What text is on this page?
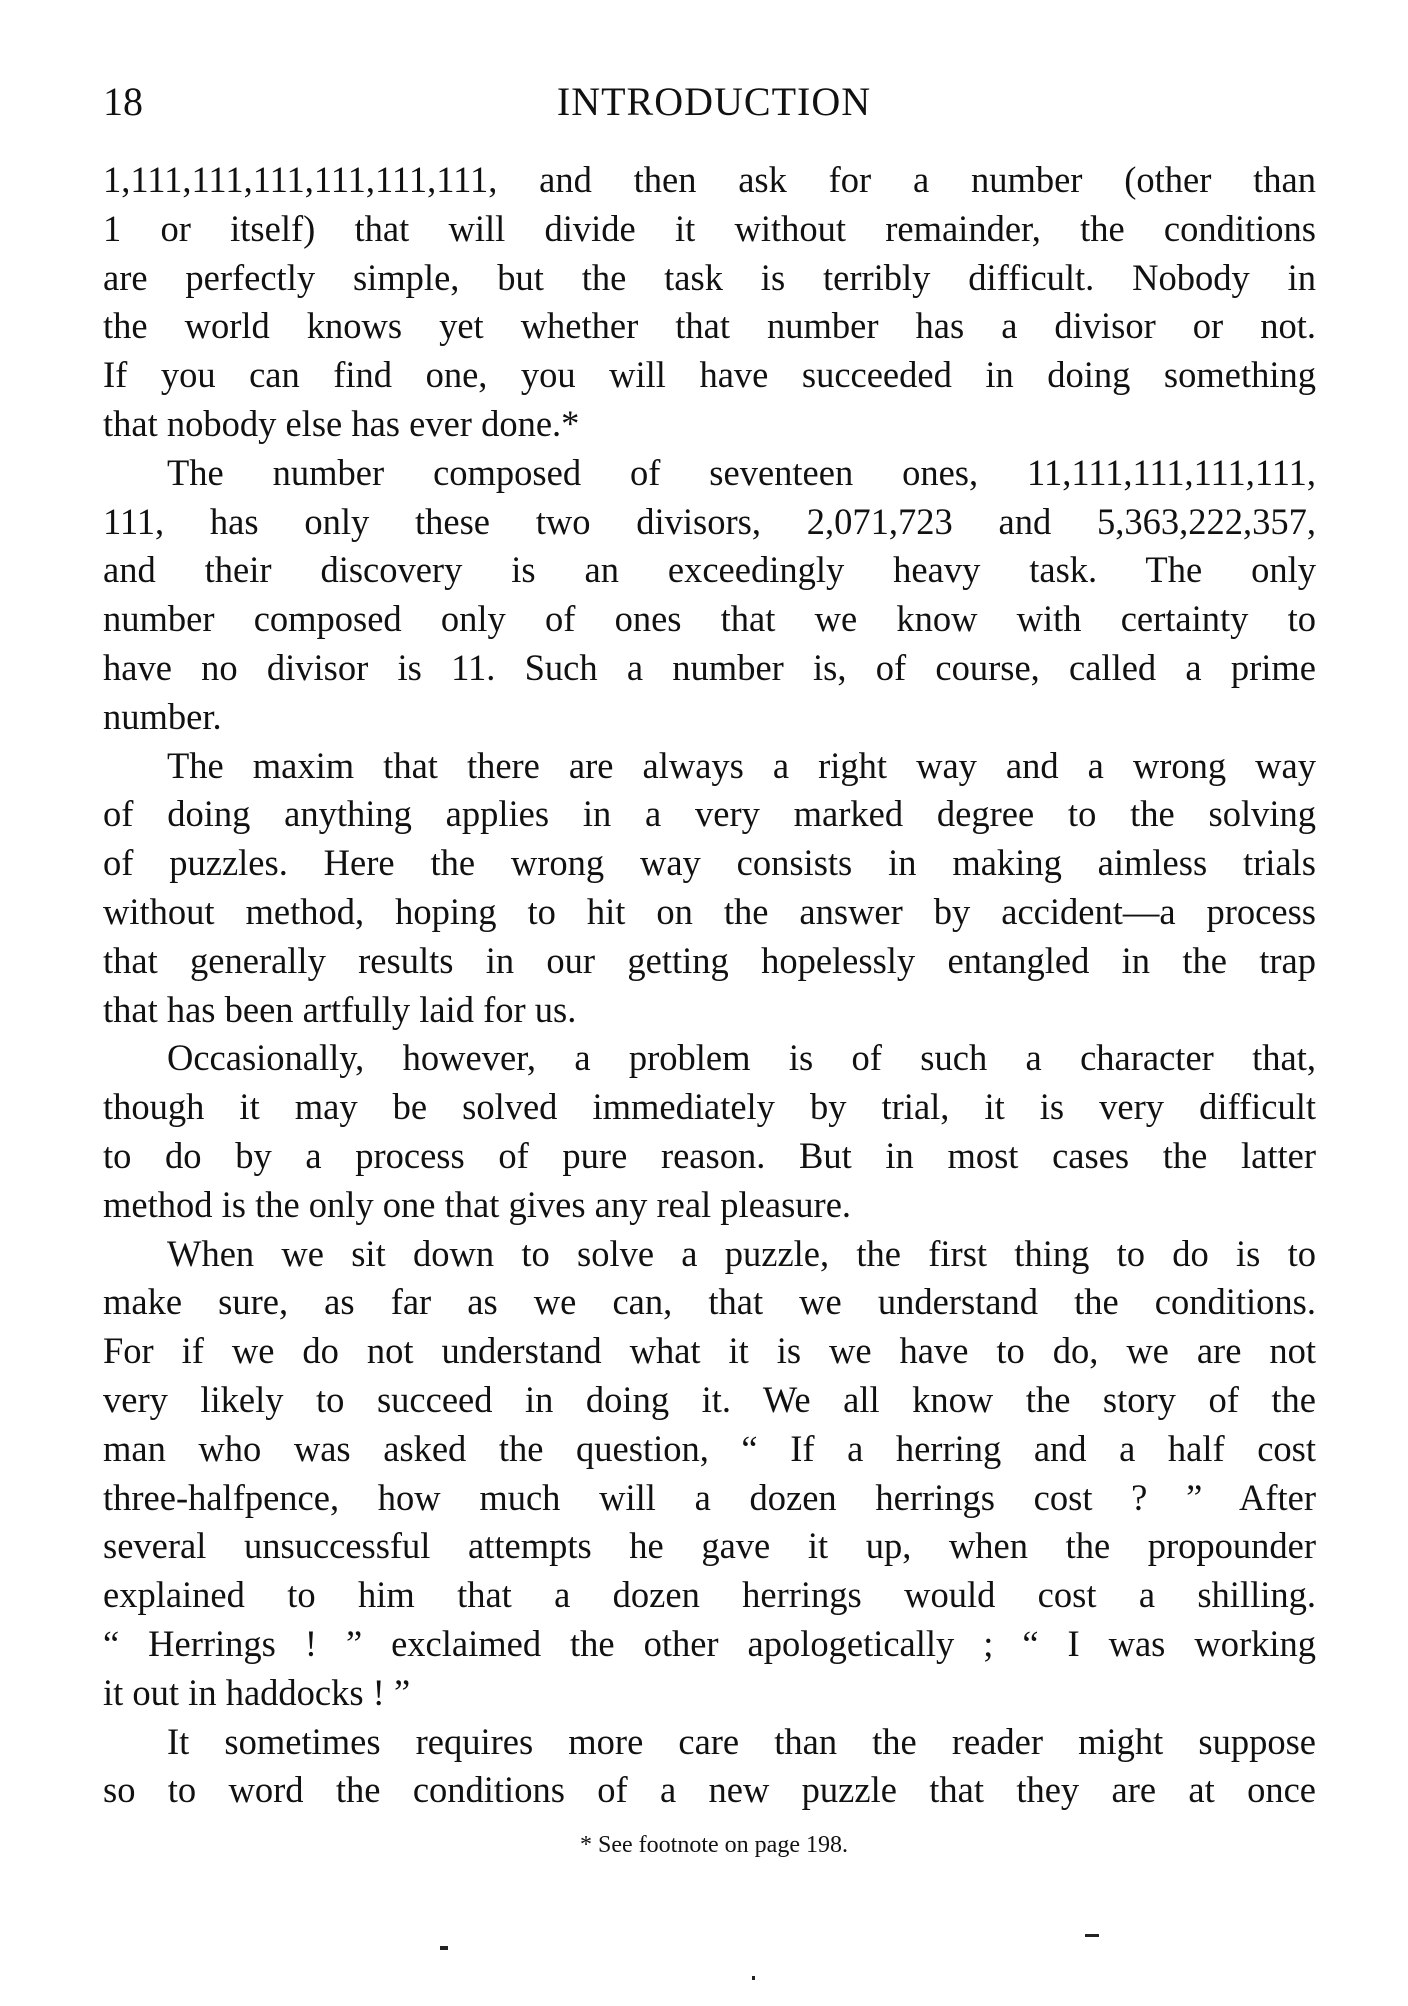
18	INTRODUCTION
1,111,111,111,111,111,111, and then ask for a number (other than
1 or itself) that will divide it without remainder, the conditions
are perfectly simple, but the task is terribly difficult. Nobody in
the world knows yet whether that number has a divisor or not.
If you can find one, you will have succeeded in doing something
that nobody else has ever done.*
The number composed of seventeen ones, 11,111,111,111,111,
111, has only these two divisors, 2,071,723 and 5,363,222,357,
and their discovery is an exceedingly heavy task. The only
number composed only of ones that we know with certainty to
have no divisor is 11. Such a number is, of course, called a prime
number.
The maxim that there are always a right way and a wrong way
of doing anything applies in a very marked degree to the solving
of puzzles. Here the wrong way consists in making aimless trials
without method, hoping to hit on the answer by accident—a process
that generally results in our getting hopelessly entangled in the trap
that has been artfully laid for us.
Occasionally, however, a problem is of such a character that,
though it may be solved immediately by trial, it is very difficult
to do by a process of pure reason. But in most cases the latter
method is the only one that gives any real pleasure.
When we sit down to solve a puzzle, the first thing to do is to
make sure, as far as we can, that we understand the conditions.
For if we do not understand what it is we have to do, we are not
very likely to succeed in doing it. We all know the story of the
man who was asked the question, “ If a herring and a half cost
three-halfpence, how much will a dozen herrings cost ? ” After
several unsuccessful attempts he gave it up, when the propounder
explained to him that a dozen herrings would cost a shilling.
“ Herrings ! ” exclaimed the other apologetically ; “ I was working
it out in haddocks ! ”
It sometimes requires more care than the reader might suppose
so to word the conditions of a new puzzle that they are at once
* See footnote on page 198.
